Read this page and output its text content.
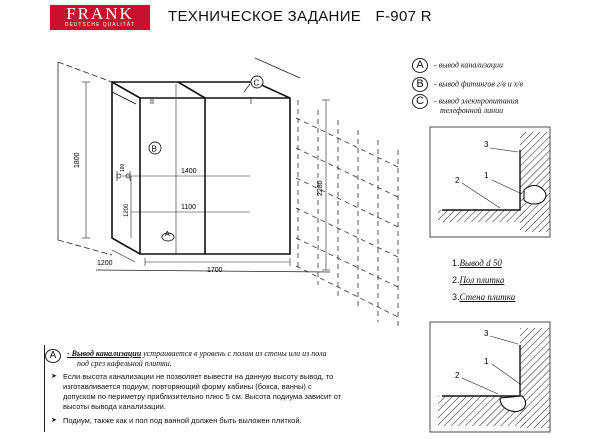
FRANK
DEUTSCHE QUALITÄT	ТЕХНИЧЕСКОЕ ЗАДАНИЕ F-907 R
II	I
C
B
A
1800
2280
1400
1100
1200
180
1700
1200
3
1
2
3
1
2
A - вывод канализации
B - вывод фитингов г/в и х/в
C - вывод электропитания
телефонной линии
1.Вывод d 50
2.Пол плитка
3.Стена плитка
A	- Вывод канализации устраивается в уровень с полом из стены или из пола
под срез кафельной плитки.
➤ Если высота канализации не позволяет вывести на данную высоту вывод, то
изготавливается подиум, повторяющий форму кабины (бокса, ванны) с
допуском по периметру приблизительно плюс 5 см. Высота подиума зависит от
высоты вывода канализации.
➤ Подиум, также как и пол под ванной должен быть выложен плиткой.
